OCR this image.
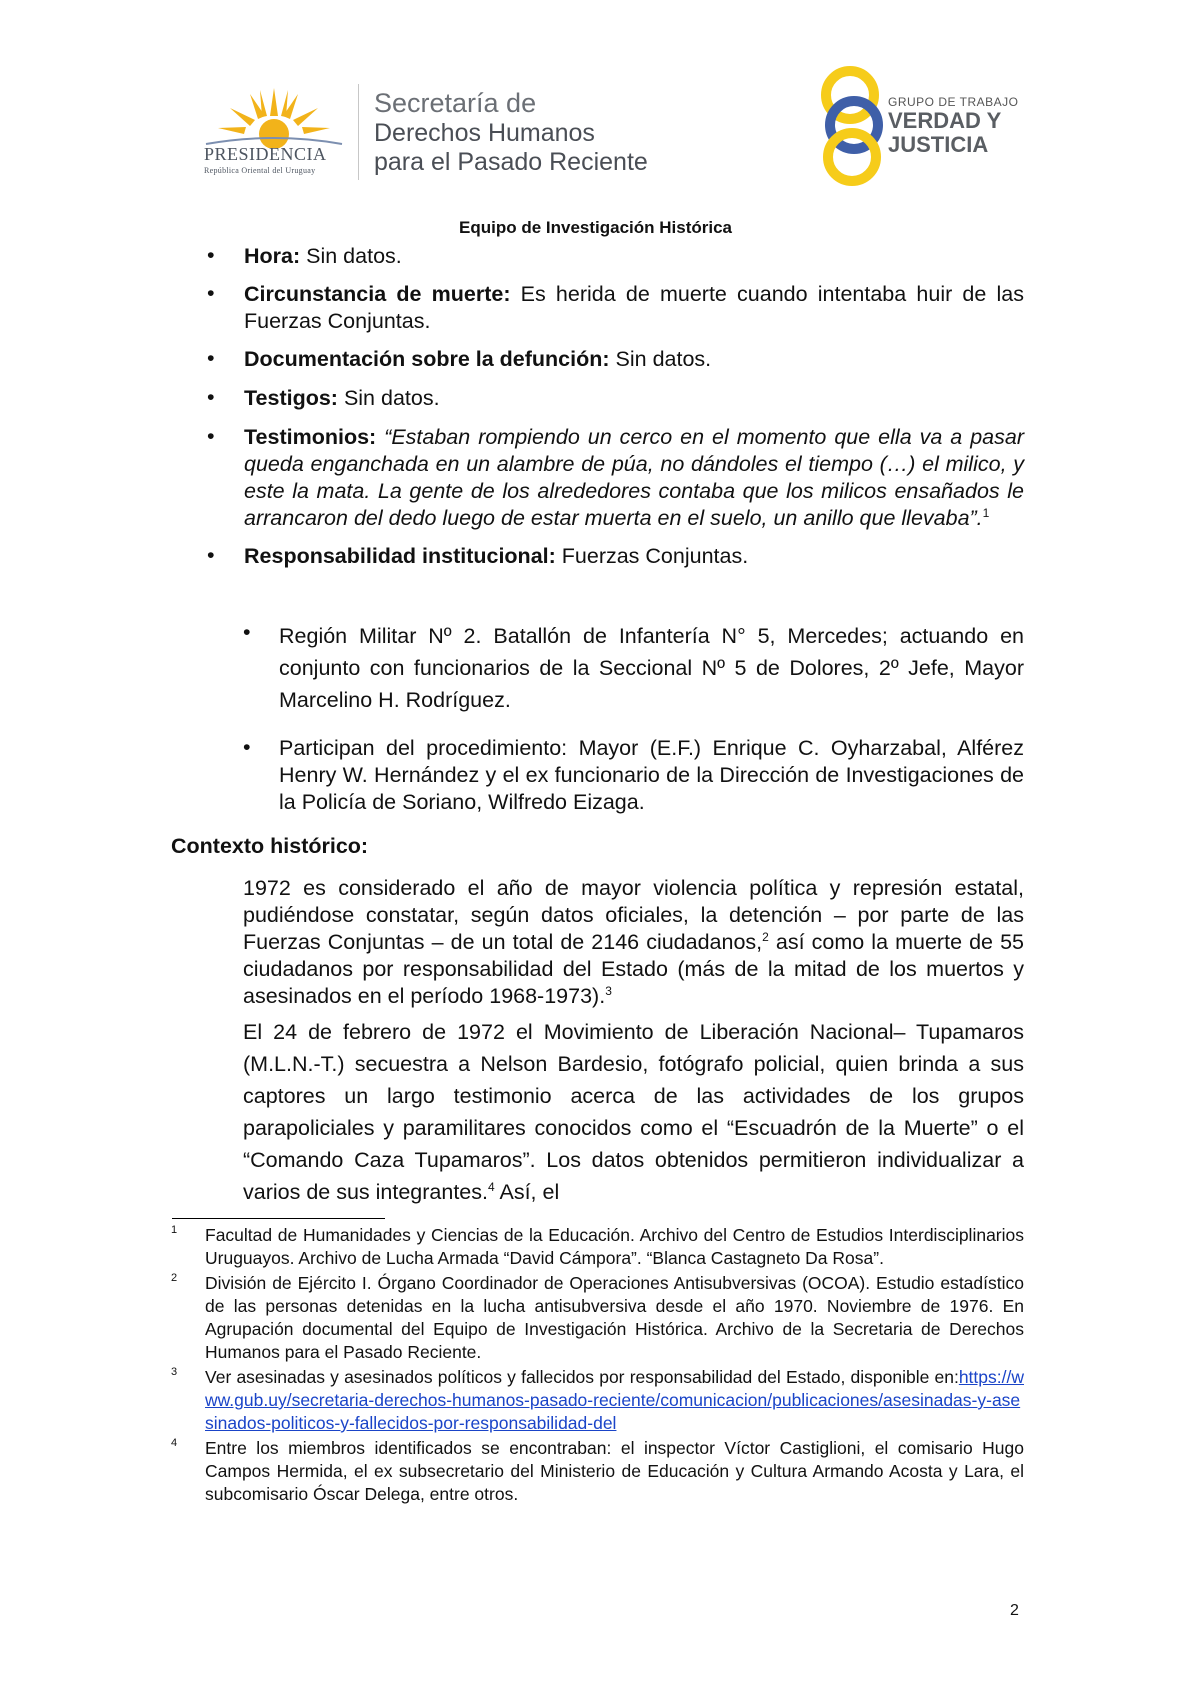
PRESIDENCIA
República Oriental del Uruguay
Secretaría de
Derechos Humanos
para el Pasado Reciente
GRUPO DE TRABAJO
VERDAD Y
JUSTICIA
Equipo de Investigación Histórica
•	Hora: Sin datos.
•	Circunstancia de muerte: Es herida de muerte cuando intentaba huir de las Fuerzas Conjuntas.
•	Documentación sobre la defunción: Sin datos.
•	Testigos: Sin datos.
•	Testimonios: “Estaban rompiendo un cerco en el momento que ella va a pasar queda enganchada en un alambre de púa, no dándoles el tiempo (…) el milico, y este la mata. La gente de los alrededores contaba que los milicos ensañados le arrancaron del dedo luego de estar muerta en el suelo, un anillo que llevaba”.$^1$
•	Responsabilidad institucional: Fuerzas Conjuntas.
•	Región Militar Nº 2. Batallón de Infantería N° 5, Mercedes; actuando en conjunto con funcionarios de la Seccional Nº 5 de Dolores, 2º Jefe, Mayor Marcelino H. Rodríguez.
•	Participan del procedimiento: Mayor (E.F.) Enrique C. Oyharzabal, Alférez Henry W. Hernández y el ex funcionario de la Dirección de Investigaciones de la Policía de Soriano, Wilfredo Eizaga.
Contexto histórico:
1972 es considerado el año de mayor violencia política y represión estatal, pudiéndose constatar, según datos oficiales, la detención – por parte de las Fuerzas Conjuntas – de un total de 2146 ciudadanos,$^2$ así como la muerte de 55 ciudadanos por responsabilidad del Estado (más de la mitad de los muertos y asesinados en el período 1968-1973).$^3$
El 24 de febrero de 1972 el Movimiento de Liberación Nacional– Tupamaros (M.L.N.-T.) secuestra a Nelson Bardesio, fotógrafo policial, quien brinda a sus captores un largo testimonio acerca de las actividades de los grupos parapoliciales y paramilitares conocidos como el “Escuadrón de la Muerte” o el “Comando Caza Tupamaros”. Los datos obtenidos permitieron individualizar a varios de sus integrantes.$^4$ Así, el
1	Facultad de Humanidades y Ciencias de la Educación. Archivo del Centro de Estudios Interdisciplinarios Uruguayos. Archivo de Lucha Armada “David Cámpora”. “Blanca Castagneto Da Rosa”.
2	División de Ejército I. Órgano Coordinador de Operaciones Antisubversivas (OCOA). Estudio estadístico de las personas detenidas en la lucha antisubversiva desde el año 1970. Noviembre de 1976. En Agrupación documental del Equipo de Investigación Histórica. Archivo de la Secretaria de Derechos Humanos para el Pasado Reciente.
3	Ver asesinadas y asesinados políticos y fallecidos por responsabilidad del Estado, disponible en:https://www.gub.uy/secretaria-derechos-humanos-pasado-reciente/comunicacion/publicaciones/asesinadas-y-asesinados-politicos-y-fallecidos-por-responsabilidad-del
4	Entre los miembros identificados se encontraban: el inspector Víctor Castiglioni, el comisario Hugo Campos Hermida, el ex subsecretario del Ministerio de Educación y Cultura Armando Acosta y Lara, el subcomisario Óscar Delega, entre otros.
2
